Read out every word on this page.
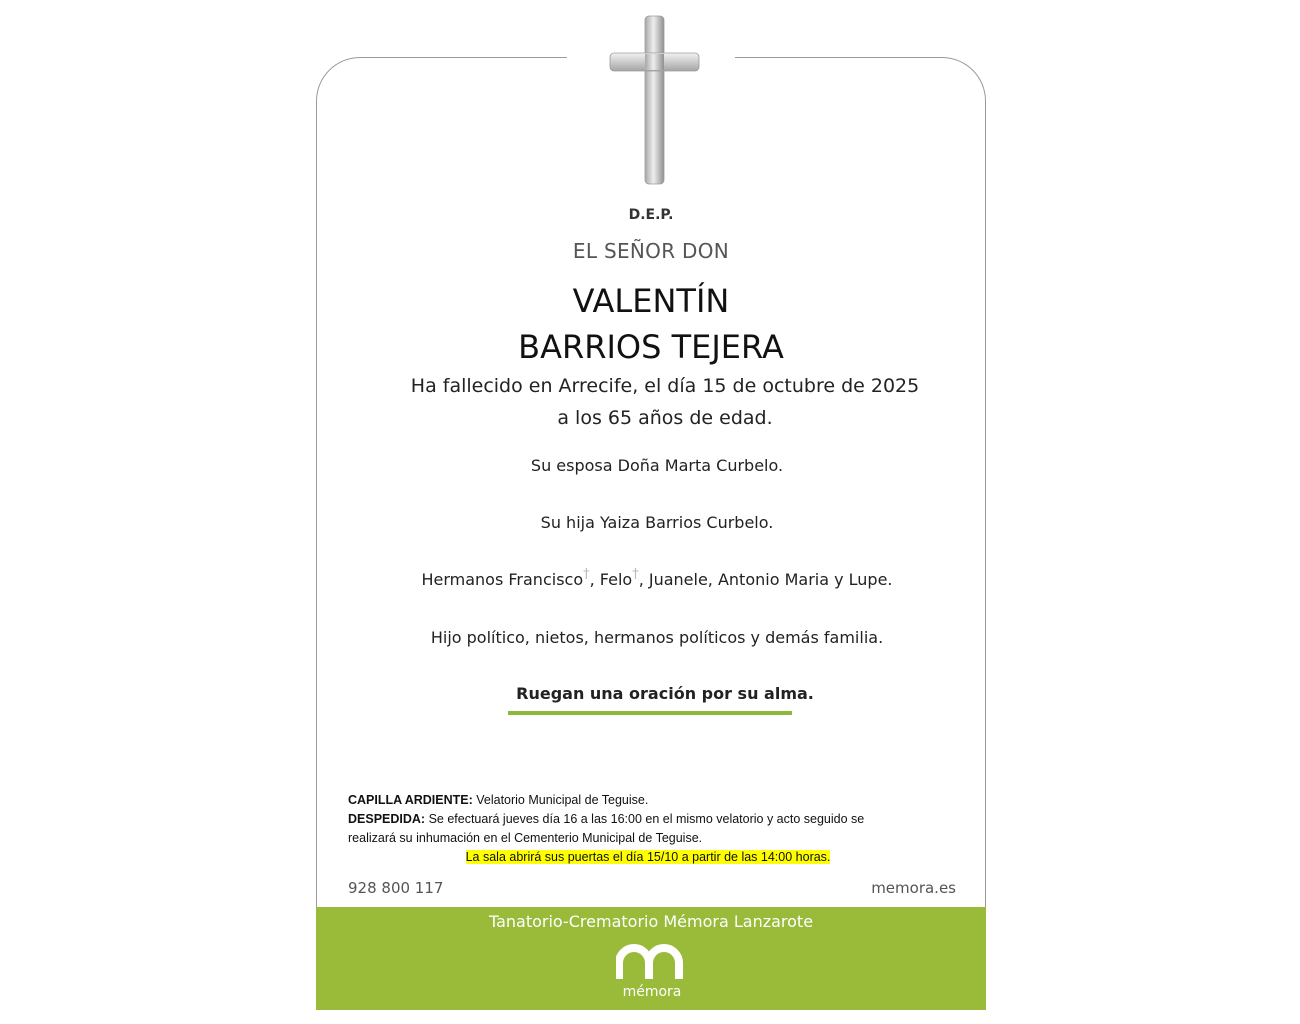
D.E.P.
EL SEÑOR DON
VALENTÍN
BARRIOS TEJERA
Ha fallecido en Arrecife, el día 15 de octubre de 2025
a los 65 años de edad.
Su esposa Doña Marta Curbelo.
Su hija Yaiza Barrios Curbelo.
Hermanos Francisco†, Felo†, Juanele, Antonio Maria y Lupe.
Hijo político, nietos, hermanos políticos y demás familia.
Ruegan una oración por su alma.
CAPILLA ARDIENTE: Velatorio Municipal de Teguise.
DESPEDIDA: Se efectuará jueves día 16 a las 16:00 en el mismo velatorio y acto seguido se
realizará su inhumación en el Cementerio Municipal de Teguise.
La sala abrirá sus puertas el día 15/10 a partir de las 14:00 horas.
928 800 117	memora.es
Tanatorio-Crematorio Mémora Lanzarote
mémora
